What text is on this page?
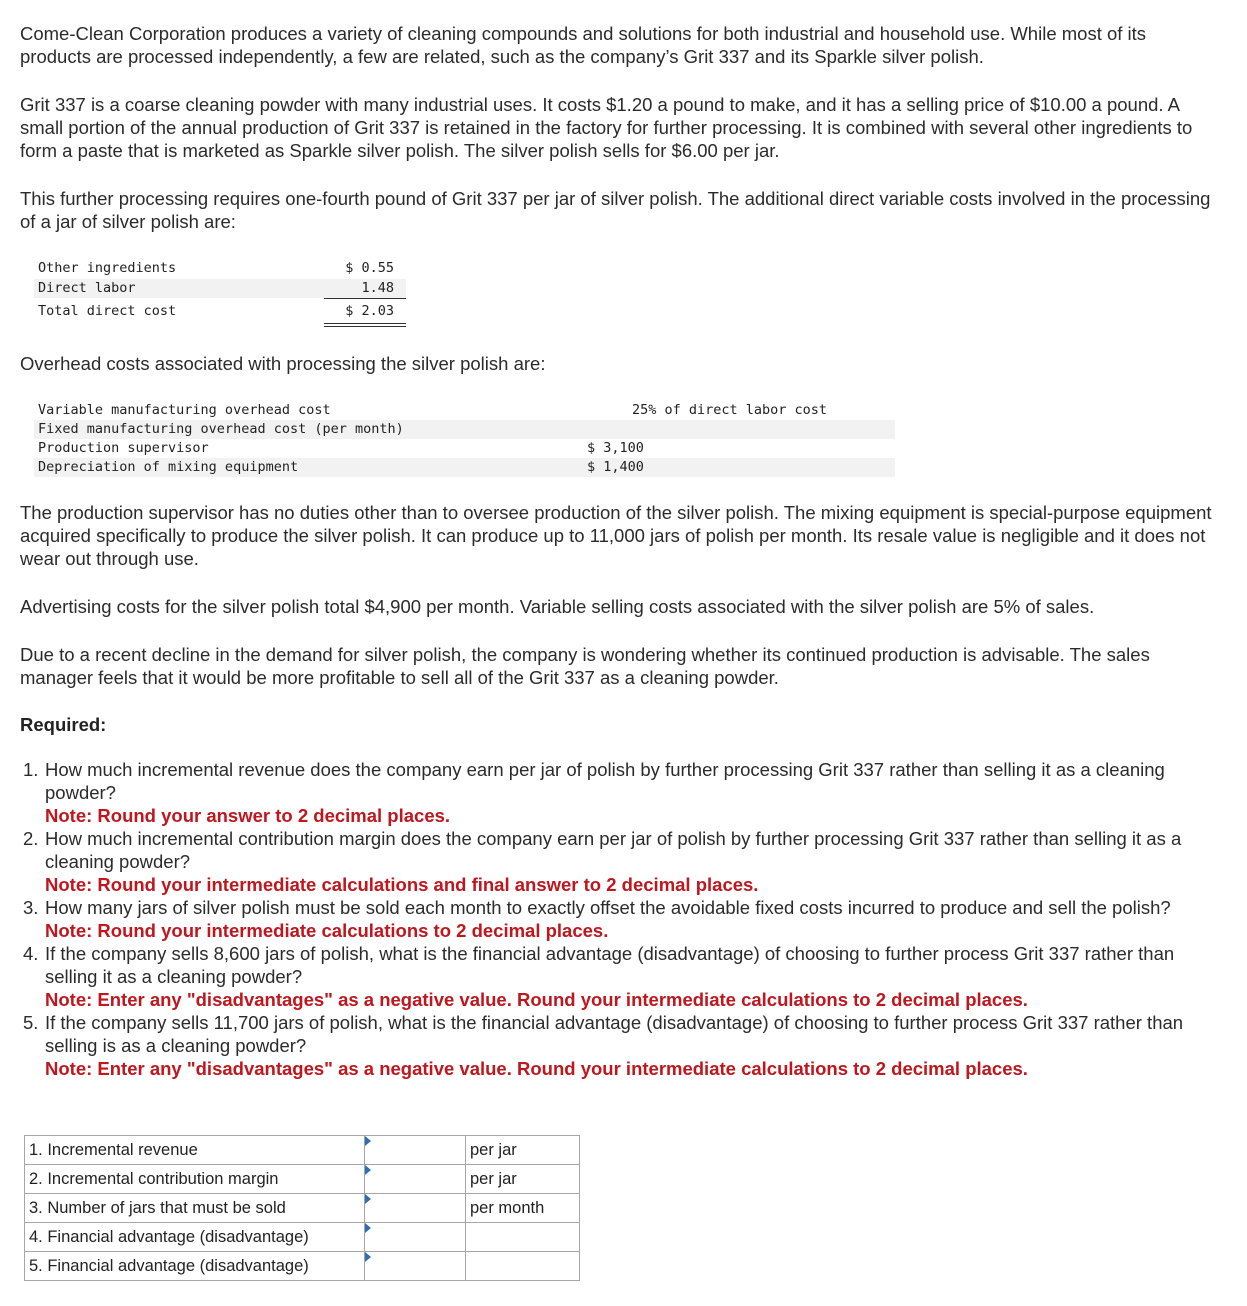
Come-Clean Corporation produces a variety of cleaning compounds and solutions for both industrial and household use. While most of its products are processed independently, a few are related, such as the company’s Grit 337 and its Sparkle silver polish.

Grit 337 is a coarse cleaning powder with many industrial uses. It costs $1.20 a pound to make, and it has a selling price of $10.00 a pound. A small portion of the annual production of Grit 337 is retained in the factory for further processing. It is combined with several other ingredients to form a paste that is marketed as Sparkle silver polish. The silver polish sells for $6.00 per jar.

This further processing requires one-fourth pound of Grit 337 per jar of silver polish. The additional direct variable costs involved in the processing of a jar of silver polish are:

Other ingredients	$ 0.55
Direct labor	1.48
Total direct cost	$ 2.03

Overhead costs associated with processing the silver polish are:

Variable manufacturing overhead cost	25% of direct labor cost
Fixed manufacturing overhead cost (per month)
Production supervisor	$ 3,100
Depreciation of mixing equipment	$ 1,400

The production supervisor has no duties other than to oversee production of the silver polish. The mixing equipment is special-purpose equipment acquired specifically to produce the silver polish. It can produce up to 11,000 jars of polish per month. Its resale value is negligible and it does not wear out through use.

Advertising costs for the silver polish total $4,900 per month. Variable selling costs associated with the silver polish are 5% of sales.

Due to a recent decline in the demand for silver polish, the company is wondering whether its continued production is advisable. The sales manager feels that it would be more profitable to sell all of the Grit 337 as a cleaning powder.

Required:
1. How much incremental revenue does the company earn per jar of polish by further processing Grit 337 rather than selling it as a cleaning powder?
Note: Round your answer to 2 decimal places.
2. How much incremental contribution margin does the company earn per jar of polish by further processing Grit 337 rather than selling it as a cleaning powder?
Note: Round your intermediate calculations and final answer to 2 decimal places.
3. How many jars of silver polish must be sold each month to exactly offset the avoidable fixed costs incurred to produce and sell the polish?
Note: Round your intermediate calculations to 2 decimal places.
4. If the company sells 8,600 jars of polish, what is the financial advantage (disadvantage) of choosing to further process Grit 337 rather than selling it as a cleaning powder?
Note: Enter any "disadvantages" as a negative value. Round your intermediate calculations to 2 decimal places.
5. If the company sells 11,700 jars of polish, what is the financial advantage (disadvantage) of choosing to further process Grit 337 rather than selling is as a cleaning powder?
Note: Enter any "disadvantages" as a negative value. Round your intermediate calculations to 2 decimal places.
1. Incremental revenue		per jar
2. Incremental contribution margin		per jar
3. Number of jars that must be sold		per month
4. Financial advantage (disadvantage)	

5. Financial advantage (disadvantage)	
